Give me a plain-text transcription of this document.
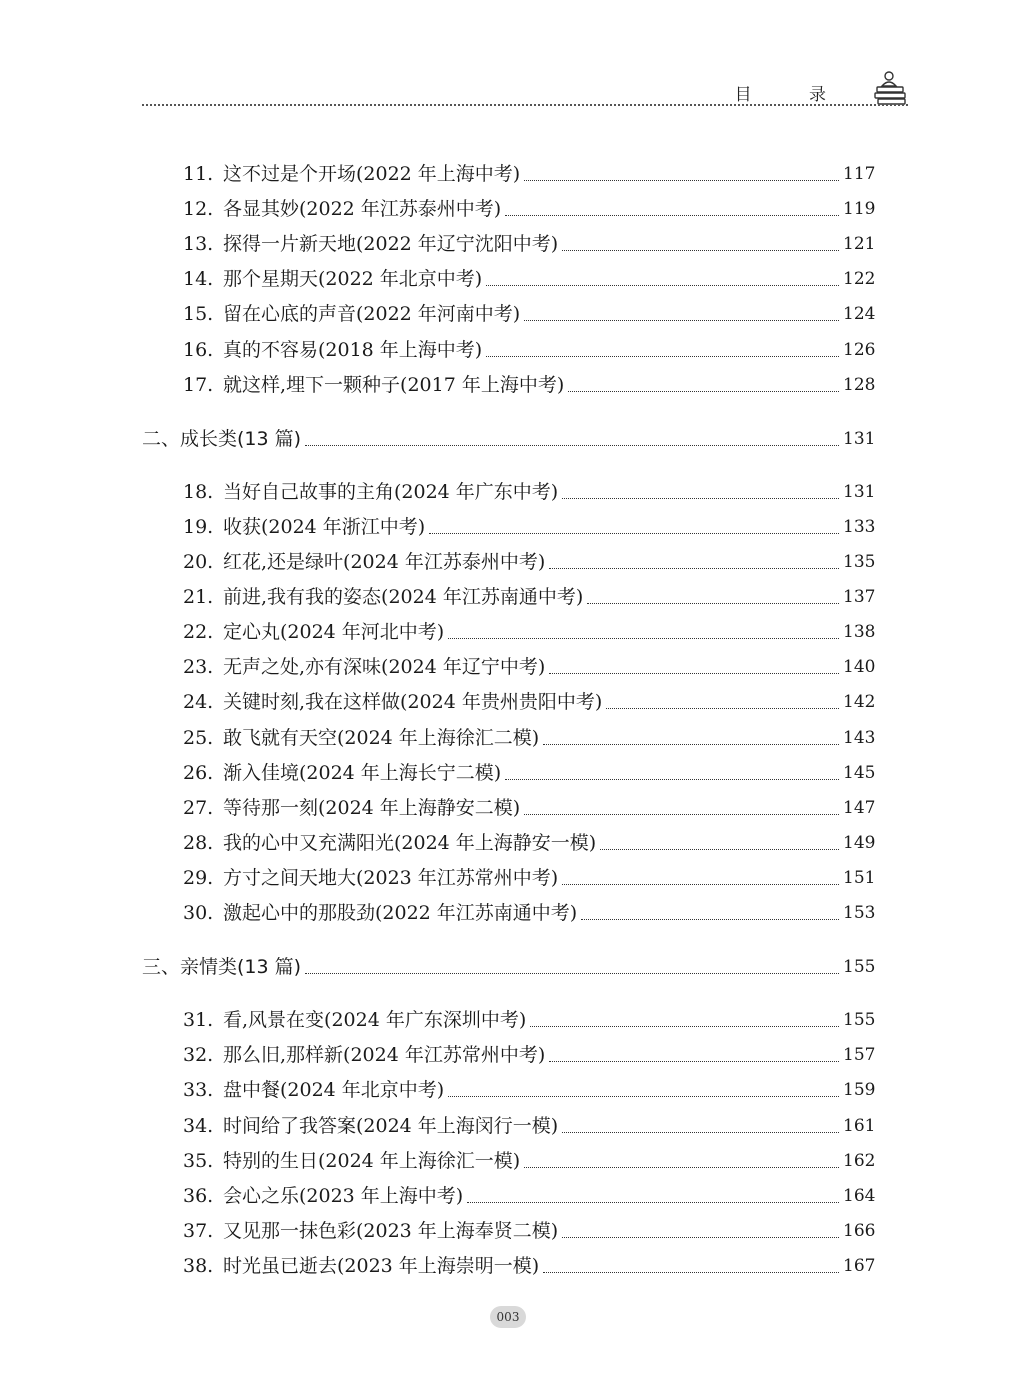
目 录
11. 这不过是个开场(2022 年上海中考)	117
12. 各显其妙(2022 年江苏泰州中考)	119
13. 探得一片新天地(2022 年辽宁沈阳中考)	121
14. 那个星期天(2022 年北京中考)	122
15. 留在心底的声音(2022 年河南中考)	124
16. 真的不容易(2018 年上海中考)	126
17. 就这样,埋下一颗种子(2017 年上海中考)	128
二、成长类(13 篇)	131
18. 当好自己故事的主角(2024 年广东中考)	131
19. 收获(2024 年浙江中考)	133
20. 红花,还是绿叶(2024 年江苏泰州中考)	135
21. 前进,我有我的姿态(2024 年江苏南通中考)	137
22. 定心丸(2024 年河北中考)	138
23. 无声之处,亦有深味(2024 年辽宁中考)	140
24. 关键时刻,我在这样做(2024 年贵州贵阳中考)	142
25. 敢飞就有天空(2024 年上海徐汇二模)	143
26. 渐入佳境(2024 年上海长宁二模)	145
27. 等待那一刻(2024 年上海静安二模)	147
28. 我的心中又充满阳光(2024 年上海静安一模)	149
29. 方寸之间天地大(2023 年江苏常州中考)	151
30. 激起心中的那股劲(2022 年江苏南通中考)	153
三、亲情类(13 篇)	155
31. 看,风景在变(2024 年广东深圳中考)	155
32. 那么旧,那样新(2024 年江苏常州中考)	157
33. 盘中餐(2024 年北京中考)	159
34. 时间给了我答案(2024 年上海闵行一模)	161
35. 特别的生日(2024 年上海徐汇一模)	162
36. 会心之乐(2023 年上海中考)	164
37. 又见那一抹色彩(2023 年上海奉贤二模)	166
38. 时光虽已逝去(2023 年上海崇明一模)	167
003
